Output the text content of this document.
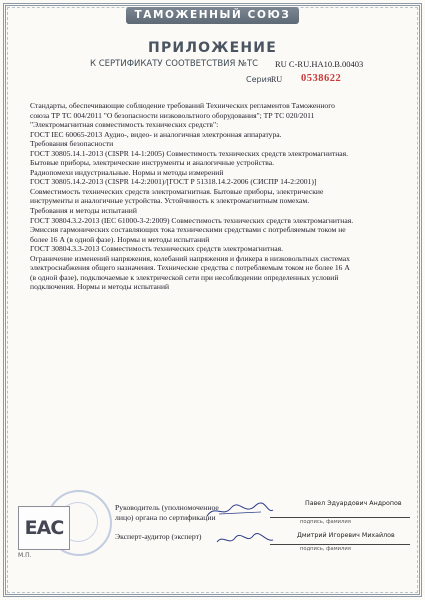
ТАМОЖЕННЫЙ СОЮЗ
ПРИЛОЖЕНИЕ
К СЕРТИФИКАТУ СООТВЕТСТВИЯ №ТС RU C-RU.НА10.В.00403
Серия RU 0538622
Стандарты, обеспечивающие соблюдение требований Технических регламентов Таможенного
союза ТР ТС 004/2011 "О безопасности низковольтного оборудования"; ТР ТС 020/2011
"Электромагнитная совместимость технических средств":
ГОСТ IEC 60065-2013 Аудио-, видео- и аналогичная электронная аппаратура.
Требования безопасности
ГОСТ 30805.14.1-2013 (CISPR 14-1:2005) Совместимость технических средств электромагнитная.
Бытовые приборы, электрические инструменты и аналогичные устройства.
Радиопомехи индустриальные. Нормы и методы измерений
ГОСТ 30805.14.2-2013 (CISPR 14-2:2001)/[ГОСТ Р 51318.14.2-2006 (СИСПР 14-2:2001)]
Совместимость технических средств электромагнитная. Бытовые приборы, электрические
инструменты и аналогичные устройства. Устойчивость к электромагнитным помехам.
Требования и методы испытаний
ГОСТ 30804.3.2-2013 (IEC 61000-3-2:2009) Совместимость технических средств электромагнитная.
Эмиссия гармонических составляющих тока техническими средствами с потребляемым током не
более 16 А (в одной фазе). Нормы и методы испытаний
ГОСТ 30804.3.3-2013 Совместимость технических средств электромагнитная.
Ограничение изменений напряжения, колебаний напряжения и фликера в низковольтных системах
электроснабжения общего назначения. Технические средства с потребляемым током не более 16 А
(в одной фазе), подключаемые к электрической сети при несоблюдении определенных условий
подключения. Нормы и методы испытаний
EAC
М.П.
Руководитель (уполномоченное
лицо) органа по сертификации
Павел Эдуардович Андропов
подпись, фамилия
Эксперт-аудитор (эксперт)	Дмитрий Игоревич Михайлов
подпись, фамилия
